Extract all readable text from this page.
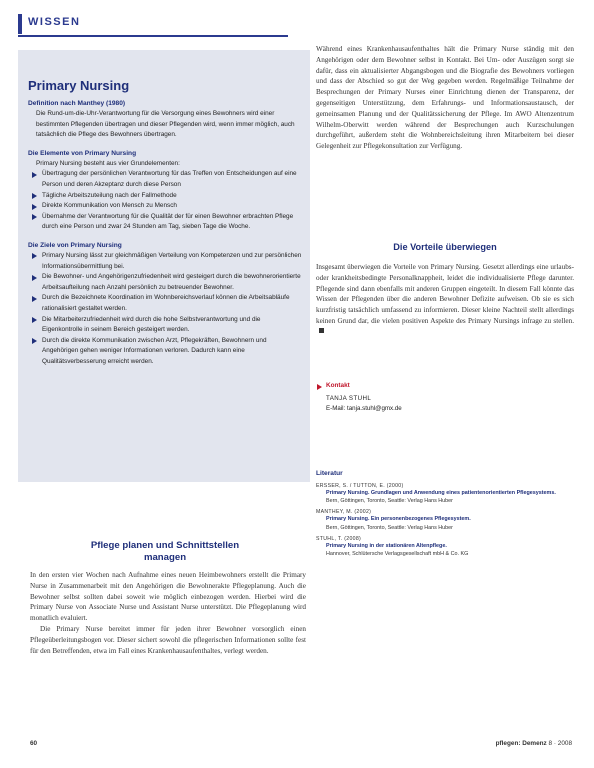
WISSEN
Primary Nursing
Definition nach Manthey (1980)

Die Rund-um-die-Uhr-Verantwortung für die Versorgung eines Bewohners wird einer bestimmten Pflegenden übertragen und dieser Pflegenden wird, wenn immer möglich, auch tatsächlich die Pflege des Bewohners übertragen.

Die Elemente von Primary Nursing

Primary Nursing besteht aus vier Grundelementen:

Übertragung der persönlichen Verantwortung für das Treffen von Entscheidungen auf eine Person und deren Akzeptanz durch diese Person
Tägliche Arbeitszuteilung nach der Fallmethode
Direkte Kommunikation von Mensch zu Mensch
Übernahme der Verantwortung für die Qualität der für einen Bewohner erbrachten Pflege durch eine Person und zwar 24 Stunden am Tag, sieben Tage die Woche.
Die Ziele von Primary Nursing
Primary Nursing lässt zur gleichmäßigen Verteilung von Kompetenzen und zur persönlichen Informationsübermittlung bei.
Die Bewohner- und Angehörigenzufriedenheit wird gesteigert durch die bewohnerorientierte Arbeitsaufteilung nach Anzahl persönlich zu betreuender Bewohner.
Durch die Bezeichnete Koordination im Wohnbereichsverlauf können die Arbeitsabläufe rationalisiert gestaltet werden.
Die Mitarbeiterzufriedenheit wird durch die hohe Selbstverantwortung und die Eigenkontrolle in seinem Bereich gesteigert werden.
Durch die direkte Kommunikation zwischen Arzt, Pflegekräften, Bewohnern und Angehörigen gehen weniger Informationen verloren. Dadurch kann eine Qualitätsverbesserung erreicht werden.
Pflege planen und Schnittstellen
managen

In den ersten vier Wochen nach Aufnahme eines neuen Heimbewohners erstellt die Primary Nurse in Zusammenarbeit mit den Angehörigen die Bewohnerakte Pflegeplanung. Auch die Bewohner selbst sollten dabei soweit wie möglich einbezogen werden. Hierbei wird die Primary Nurse von Associate Nurse und Assistant Nurse unterstützt. Die Pflegeplanung wird monatlich evaluiert.

Die Primary Nurse bereitet immer für jeden ihrer Bewohner vorsorglich einen Pflegeüberleitungsbogen vor. Dieser sichert sowohl die pflegerischen Informationen sollte fest für den Betreffenden, etwa im Fall eines Krankenhausaufenthaltes, verlegt werden.

Während eines Krankenhausaufenthaltes hält die Primary Nurse ständig mit den Angehörigen oder dem Bewohner selbst in Kontakt. Bei Um- oder Auszügen sorgt sie dafür, dass ein aktualisierter Abgangsbogen und die Biografie des Bewohners vorliegen und dass der Abschied so gut der Weg gegeben werden. Regelmäßige Teilnahme der Besprechungen der Primary Nurses einer Einrichtung dienen der Transparenz, der gegenseitigen Unterstützung, dem Erfahrungs- und Informationsaustausch, der gemeinsamen Planung und der Qualitätssicherung der Pflege. Im AWO Altenzentrum Wilhelm-Oberwitt werden während der Besprechungen auch Kurzschulungen durchgeführt, außerdem steht die Wohnbereichsleitung ihren Mitarbeitern bei dieser Gelegenheit zur Pflegekonsultation zur Verfügung.

Die Vorteile überwiegen

Insgesamt überwiegen die Vorteile von Primary Nursing. Gesetzt allerdings eine urlaubs- oder krankheitsbedingte Personalknappheit, leidet die individualisierte Pflege darunter. Pflegende sind dann ebenfalls mit anderen Gruppen eingeteilt. In diesem Fall könnte das Wissen der Pflegenden über die anderen Bewohner Defizite aufweisen. Ob sie es sich kurzfristig tatsächlich umfassend zu informieren. Dieser kleine Nachteil stellt allerdings keinen Grund dar, die vielen positiven Aspekte des Primary Nursings infrage zu stellen.

Kontakt
TANJA STUHL
E-Mail: tanja.stuhl@gmx.de
Literatur
ERSSER, S. / TUTTON, E. (2000)
Primary Nursing. Grundlagen und Anwendung eines patientenorientierten Pflegesystems.
Bern, Göttingen, Toronto, Seattle: Verlag Hans Huber
MANTHEY, M. (2002)
Primary Nursing. Ein personenbezogenes Pflegesystem.
Bern, Göttingen, Toronto, Seattle: Verlag Hans Huber
STUHL, T. (2008)
Primary Nursing in der stationären Altenpflege.
Hannover, Schlütersche Verlagsgesellschaft mbH & Co. KG
60	pflegen: Demenz 8 · 2008
